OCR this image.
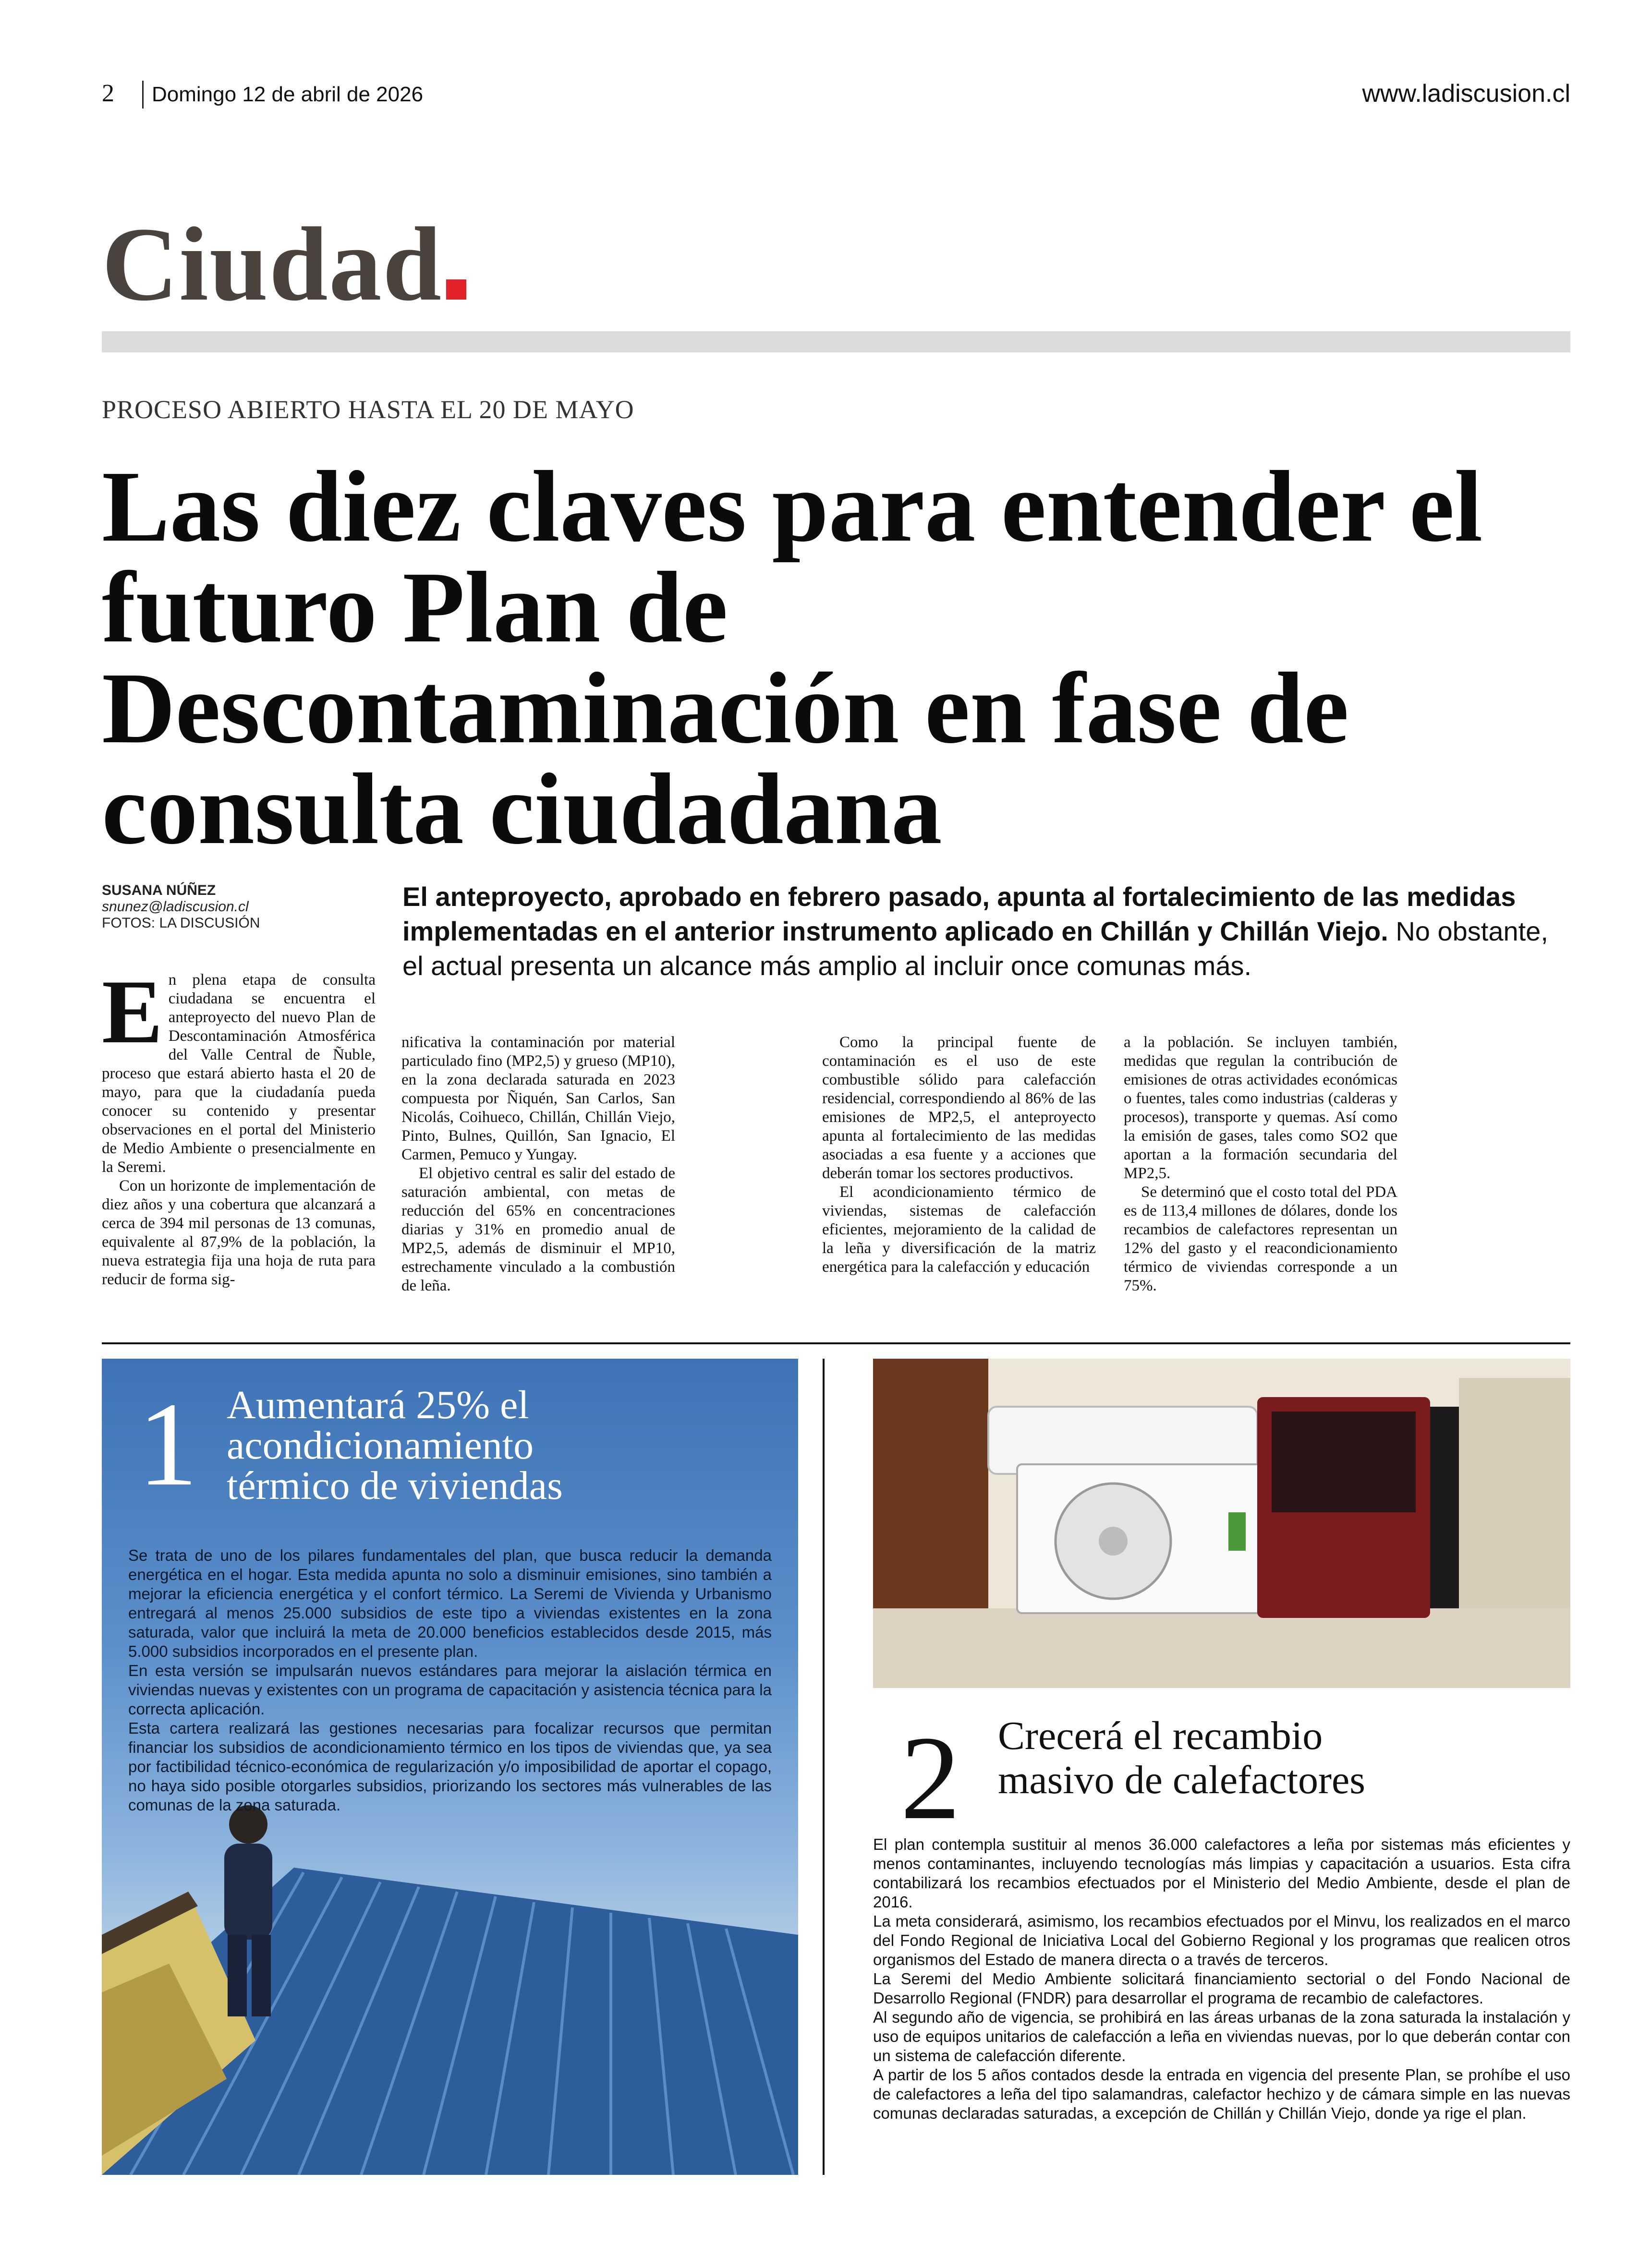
2 Domingo 12 de abril de 2026	www.ladiscusion.cl
Ciudad
PROCESO ABIERTO HASTA EL 20 DE MAYO
Las diez claves para entender el futuro Plan de Descontaminación en fase de consulta ciudadana
SUSANA NÚÑEZ
snunez@ladiscusion.cl
FOTOS: LA DISCUSIÓN
El anteproyecto, aprobado en febrero pasado, apunta al fortalecimiento de las medidas implementadas en el anterior instrumento aplicado en Chillán y Chillán Viejo. No obstante, el actual presenta un alcance más amplio al incluir once comunas más.
E n plena etapa de consulta ciudadana se encuentra el anteproyecto del nuevo Plan de Descontaminación Atmosférica del Valle Central de Ñuble, proceso que estará abierto hasta el 20 de mayo, para que la ciudadanía pueda conocer su contenido y presentar observaciones en el portal del Ministerio de Medio Ambiente o presencialmente en la Seremi.

Con un horizonte de implementación de diez años y una cobertura que alcanzará a cerca de 394 mil personas de 13 comunas, equivalente al 87,9% de la población, la nueva estrategia fija una hoja de ruta para reducir de forma sig-

nificativa la contaminación por material particulado fino (MP2,5) y grueso (MP10), en la zona declarada saturada en 2023 compuesta por Ñiquén, San Carlos, San Nicolás, Coihueco, Chillán, Chillán Viejo, Pinto, Bulnes, Quillón, San Ignacio, El Carmen, Pemuco y Yungay.

El objetivo central es salir del estado de saturación ambiental, con metas de reducción del 65% en concentraciones diarias y 31% en promedio anual de MP2,5, además de disminuir el MP10, estrechamente vinculado a la combustión de leña.

Como la principal fuente de contaminación es el uso de este combustible sólido para calefacción residencial, correspondiendo al 86% de las emisiones de MP2,5, el anteproyecto apunta al fortalecimiento de las medidas asociadas a esa fuente y a acciones que deberán tomar los sectores productivos.

El acondicionamiento térmico de viviendas, sistemas de calefacción eficientes, mejoramiento de la calidad de la leña y diversificación de la matriz energética para la calefacción y educación

a la población. Se incluyen también, medidas que regulan la contribución de emisiones de otras actividades económicas o fuentes, tales como industrias (calderas y procesos), transporte y quemas. Así como la emisión de gases, tales como SO2 que aportan a la formación secundaria del MP2,5.

Se determinó que el costo total del PDA es de 113,4 millones de dólares, donde los recambios de calefactores representan un 12% del gasto y el reacondicionamiento térmico de viviendas corresponde a un 75%.

1 Aumentará 25% el
acondicionamiento
térmico de viviendas

Se trata de uno de los pilares fundamentales del plan, que busca reducir la demanda energética en el hogar. Esta medida apunta no solo a disminuir emisiones, sino también a mejorar la eficiencia energética y el confort térmico. La Seremi de Vivienda y Urbanismo entregará al menos 25.000 subsidios de este tipo a viviendas existentes en la zona saturada, valor que incluirá la meta de 20.000 beneficios establecidos desde 2015, más 5.000 subsidios incorporados en el presente plan.

En esta versión se impulsarán nuevos estándares para mejorar la aislación térmica en viviendas nuevas y existentes con un programa de capacitación y asistencia técnica para la correcta aplicación.

Esta cartera realizará las gestiones necesarias para focalizar recursos que permitan financiar los subsidios de acondicionamiento térmico en los tipos de viviendas que, ya sea por factibilidad técnico-económica de regularización y/o imposibilidad de aportar el copago, no haya sido posible otorgarles subsidios, priorizando los sectores más vulnerables de las comunas de la zona saturada.	2 Crecerá el recambio
masivo de calefactores

El plan contempla sustituir al menos 36.000 calefactores a leña por sistemas más eficientes y menos contaminantes, incluyendo tecnologías más limpias y capacitación a usuarios. Esta cifra contabilizará los recambios efectuados por el Ministerio del Medio Ambiente, desde el plan de 2016.

La meta considerará, asimismo, los recambios efectuados por el Minvu, los realizados en el marco del Fondo Regional de Iniciativa Local del Gobierno Regional y los programas que realicen otros organismos del Estado de manera directa o a través de terceros.

La Seremi del Medio Ambiente solicitará financiamiento sectorial o del Fondo Nacional de Desarrollo Regional (FNDR) para desarrollar el programa de recambio de calefactores.

Al segundo año de vigencia, se prohibirá en las áreas urbanas de la zona saturada la instalación y uso de equipos unitarios de calefacción a leña en viviendas nuevas, por lo que deberán contar con un sistema de calefacción diferente.

A partir de los 5 años contados desde la entrada en vigencia del presente Plan, se prohíbe el uso de calefactores a leña del tipo salamandras, calefactor hechizo y de cámara simple en las nuevas comunas declaradas saturadas, a excepción de Chillán y Chillán Viejo, donde ya rige el plan.
